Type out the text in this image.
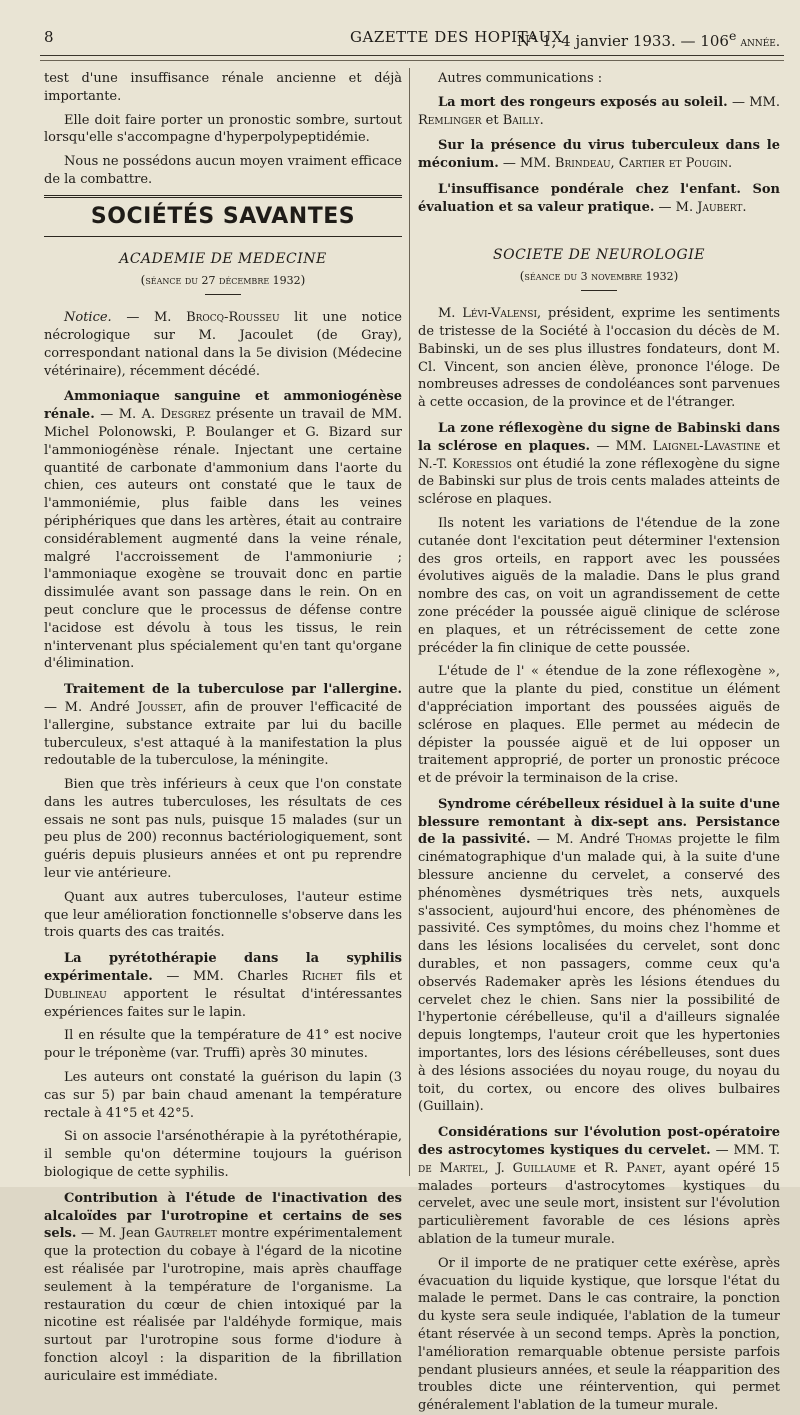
8	GAZETTE DES HOPITAUX
N° 1, 4 janvier 1933. — 106e année.

test d'une insuffisance rénale ancienne et déjà importante.

Elle doit faire porter un pronostic sombre, surtout lorsqu'elle s'accompagne d'hyperpolypeptidémie.

Nous ne possédons aucun moyen vraiment efficace de la combattre.

SOCIÉTÉS SAVANTES
ACADEMIE DE MEDECINE
(séance du 27 décembre 1932)

Notice. — M. Brocq-Rousseu lit une notice nécrologique sur M. Jacoulet (de Gray), correspondant national dans la 5e division (Médecine vétérinaire), récemment décédé.

Ammoniaque sanguine et ammoniogénèse rénale. — M. A. Desgrez présente un travail de MM. Michel Polonowski, P. Boulanger et G. Bizard sur l'ammoniogénèse rénale. Injectant une certaine quantité de carbonate d'ammonium dans l'aorte du chien, ces auteurs ont constaté que le taux de l'ammoniémie, plus faible dans les veines périphériques que dans les artères, était au contraire considérablement augmenté dans la veine rénale, malgré l'accroissement de l'ammoniurie ; l'ammoniaque exogène se trouvait donc en partie dissimulée avant son passage dans le rein. On en peut conclure que le processus de défense contre l'acidose est dévolu à tous les tissus, le rein n'intervenant plus spécialement qu'en tant qu'organe d'élimination.

Traitement de la tuberculose par l'allergine. — M. André Jousset, afin de prouver l'efficacité de l'allergine, substance extraite par lui du bacille tuberculeux, s'est attaqué à la manifestation la plus redoutable de la tuberculose, la méningite.

Bien que très inférieurs à ceux que l'on constate dans les autres tuberculoses, les résultats de ces essais ne sont pas nuls, puisque 15 malades (sur un peu plus de 200) reconnus bactériologiquement, sont guéris depuis plusieurs années et ont pu reprendre leur vie antérieure.

Quant aux autres tuberculoses, l'auteur estime que leur amélioration fonctionnelle s'observe dans les trois quarts des cas traités.

La pyrétothérapie dans la syphilis expérimentale. — MM. Charles Richet fils et Dublineau apportent le résultat d'intéressantes expériences faites sur le lapin.

Il en résulte que la température de 41° est nocive pour le tréponème (var. Truffi) après 30 minutes.

Les auteurs ont constaté la guérison du lapin (3 cas sur 5) par bain chaud amenant la température rectale à 41°5 et 42°5.

Si on associe l'arsénothérapie à la pyrétothérapie, il semble qu'on détermine toujours la guérison biologique de cette syphilis.

Contribution à l'étude de l'inactivation des alcaloïdes par l'urotropine et certains de ses sels. — M. Jean Gautrelet montre expérimentalement que la protection du cobaye à l'égard de la nicotine est réalisée par l'urotropine, mais après chauffage seulement à la température de l'organisme. La restauration du cœur de chien intoxiqué par la nicotine est réalisée par l'aldéhyde formique, mais surtout par l'urotropine sous forme d'iodure à fonction alcoyl : la disparition de la fibrillation auriculaire est immédiate.

Autres communications :

La mort des rongeurs exposés au soleil. — MM. Remlinger et Bailly.

Sur la présence du virus tuberculeux dans le méconium. — MM. Brindeau, Cartier et Pougin.

L'insuffisance pondérale chez l'enfant. Son évaluation et sa valeur pratique. — M. Jaubert.

SOCIETE DE NEUROLOGIE
(séance du 3 novembre 1932)

M. Lévi-Valensi, président, exprime les sentiments de tristesse de la Société à l'occasion du décès de M. Babinski, un de ses plus illustres fondateurs, dont M. Cl. Vincent, son ancien élève, prononce l'éloge. De nombreuses adresses de condoléances sont parvenues à cette occasion, de la province et de l'étranger.

La zone réflexogène du signe de Babinski dans la sclérose en plaques. — MM. Laignel-Lavastine et N.-T. Koressios ont étudié la zone réflexogène du signe de Babinski sur plus de trois cents malades atteints de sclérose en plaques.

Ils notent les variations de l'étendue de la zone cutanée dont l'excitation peut déterminer l'extension des gros orteils, en rapport avec les poussées évolutives aiguës de la maladie. Dans le plus grand nombre des cas, on voit un agrandissement de cette zone précéder la poussée aiguë clinique de sclérose en plaques, et un rétrécissement de cette zone précéder la fin clinique de cette poussée.

L'étude de l' « étendue de la zone réflexogène », autre que la plante du pied, constitue un élément d'appréciation important des poussées aiguës de sclérose en plaques. Elle permet au médecin de dépister la poussée aiguë et de lui opposer un traitement approprié, de porter un pronostic précoce et de prévoir la terminaison de la crise.

Syndrome cérébelleux résiduel à la suite d'une blessure remontant à dix-sept ans. Persistance de la passivité. — M. André Thomas projette le film cinématographique d'un malade qui, à la suite d'une blessure ancienne du cervelet, a conservé des phénomènes dysmétriques très nets, auxquels s'associent, aujourd'hui encore, des phénomènes de passivité. Ces symptômes, du moins chez l'homme et dans les lésions localisées du cervelet, sont donc durables, et non passagers, comme ceux qu'a observés Rademaker après les lésions étendues du cervelet chez le chien. Sans nier la possibilité de l'hypertonie cérébelleuse, qu'il a d'ailleurs signalée depuis longtemps, l'auteur croit que les hypertonies importantes, lors des lésions cérébelleuses, sont dues à des lésions associées du noyau rouge, du noyau du toit, du cortex, ou encore des olives bulbaires (Guillain).

Considérations sur l'évolution post-opératoire des astrocytomes kystiques du cervelet. — MM. T. de Martel, J. Guillaume et R. Panet, ayant opéré 15 malades porteurs d'astrocytomes kystiques du cervelet, avec une seule mort, insistent sur l'évolution particulièrement favorable de ces lésions après ablation de la tumeur murale.

Or il importe de ne pratiquer cette exérèse, après évacuation du liquide kystique, que lorsque l'état du malade le permet. Dans le cas contraire, la ponction du kyste sera seule indiquée, l'ablation de la tumeur étant réservée à un second temps. Après la ponction, l'amélioration remarquable obtenue persiste parfois pendant plusieurs années, et seule la réapparition des troubles dicte une réintervention, qui permet généralement l'ablation de la tumeur murale.
